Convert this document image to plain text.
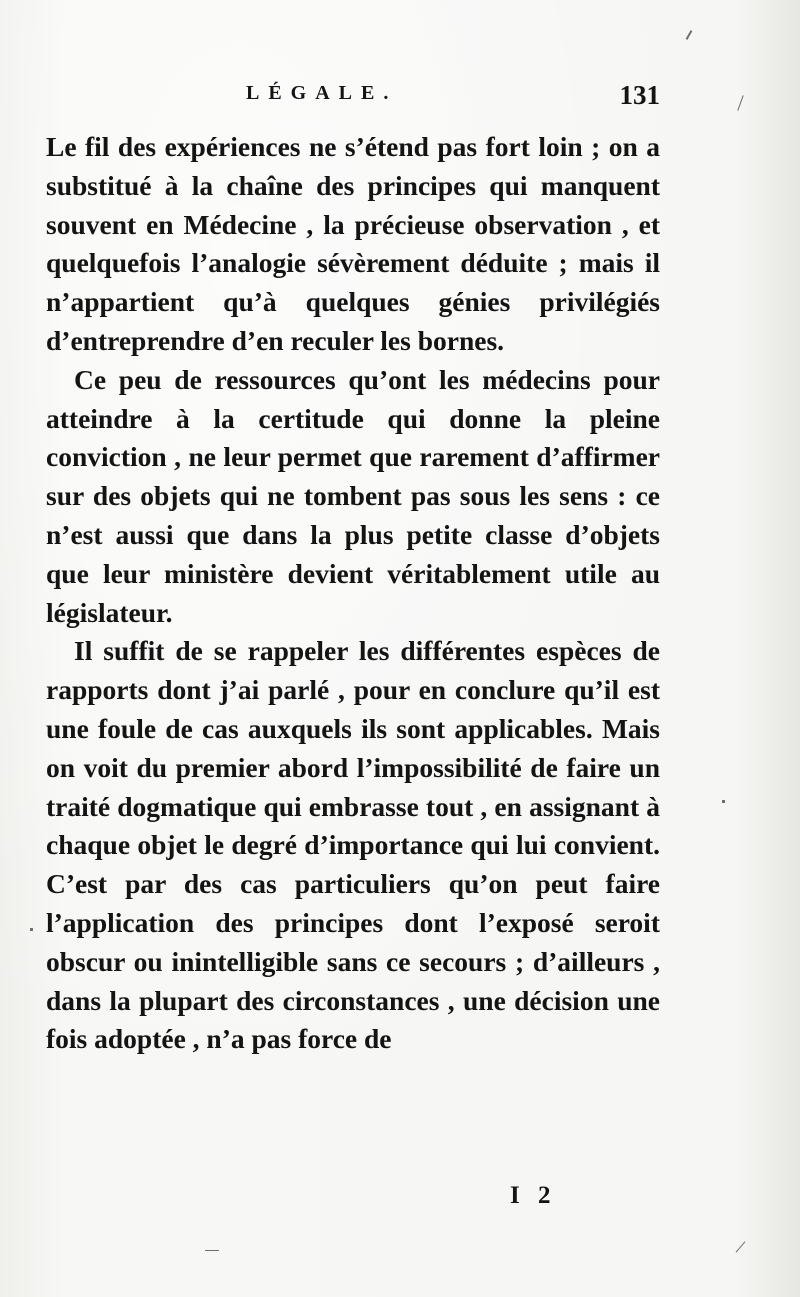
LÉGALE.	131

Le fil des expériences ne s’étend pas fort loin ; on a substitué à la chaîne des principes qui manquent souvent en Médecine , la précieuse observation , et quelquefois l’analogie sévèrement déduite ; mais il n’appartient qu’à quelques génies privilégiés d’entreprendre d’en reculer les bornes.

Ce peu de ressources qu’ont les médecins pour atteindre à la certitude qui donne la pleine conviction , ne leur permet que rarement d’affirmer sur des objets qui ne tombent pas sous les sens : ce n’est aussi que dans la plus petite classe d’objets que leur ministère devient véritablement utile au législateur.

Il suffit de se rappeler les différentes espèces de rapports dont j’ai parlé , pour en conclure qu’il est une foule de cas auxquels ils sont applicables. Mais on voit du premier abord l’impossibilité de faire un traité dogmatique qui embrasse tout , en assignant à chaque objet le degré d’importance qui lui convient. C’est par des cas particuliers qu’on peut faire l’application des principes dont l’exposé seroit obscur ou inintelligible sans ce secours ; d’ailleurs , dans la plupart des circonstances , une décision une fois adoptée , n’a pas force de

I 2
